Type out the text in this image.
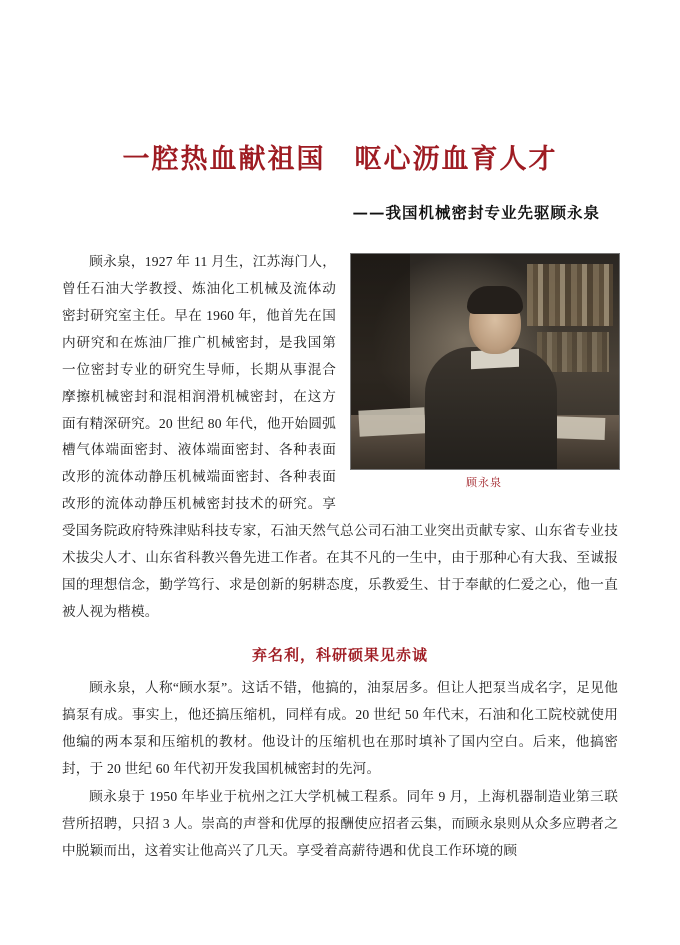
一腔热血献祖国　呕心沥血育人才
——我国机械密封专业先驱顾永泉
顾永泉

顾永泉，1927 年 11 月生，江苏海门人，曾任石油大学教授、炼油化工机械及流体动密封研究室主任。早在 1960 年，他首先在国内研究和在炼油厂推广机械密封，是我国第一位密封专业的研究生导师，长期从事混合摩擦机械密封和混相润滑机械密封，在这方面有精深研究。20 世纪 80 年代，他开始圆弧槽气体端面密封、液体端面密封、各种表面改形的流体动静压机械端面密封、各种表面改形的流体动静压机械密封技术的研究。享受国务院政府特殊津贴科技专家，石油天然气总公司石油工业突出贡献专家、山东省专业技术拔尖人才、山东省科教兴鲁先进工作者。在其不凡的一生中，由于那种心有大我、至诚报国的理想信念，勤学笃行、求是创新的躬耕态度，乐教爱生、甘于奉献的仁爱之心，他一直被人视为楷模。

弃名利，科研硕果见赤诚

顾永泉，人称“顾水泵”。这话不错，他搞的，油泵居多。但让人把泵当成名字，足见他搞泵有成。事实上，他还搞压缩机，同样有成。20 世纪 50 年代末，石油和化工院校就使用他编的两本泵和压缩机的教材。他设计的压缩机也在那时填补了国内空白。后来，他搞密封，于 20 世纪 60 年代初开发我国机械密封的先河。

顾永泉于 1950 年毕业于杭州之江大学机械工程系。同年 9 月，上海机器制造业第三联营所招聘，只招 3 人。崇高的声誉和优厚的报酬使应招者云集，而顾永泉则从众多应聘者之中脱颖而出，这着实让他高兴了几天。享受着高薪待遇和优良工作环境的顾
